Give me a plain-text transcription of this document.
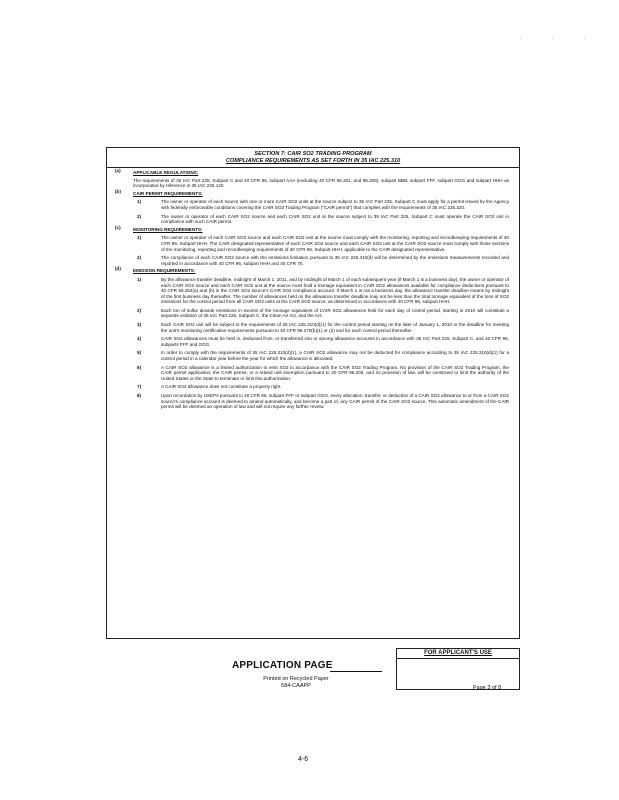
· · ·
SECTION 7: CAIR SO2 TRADING PROGRAM
COMPLIANCE REQUIREMENTS AS SET FORTH IN 35 IAC 225.310
(a)	APPLICABLE REGULATIONS:
The requirements of 35 IAC Part 225, Subpart C and 40 CFR 96, subpart AAA (excluding 40 CFR 96.201, and 96.206), subpart BBB, subpart FFF, subpart GGG and subpart HHH as incorporated by reference in 35 IAC 225.140.
(b)	CAIR PERMIT REQUIREMENTS:
1)	The owner or operator of each source with one or more CAIR SO2 units at the source subject to 35 IAC Part 225, Subpart C must apply for a permit issued by the Agency with federally enforceable conditions covering the CAIR SO2 Trading Program ("CAIR permit") that complies with the requirements of 35 IAC 225.320.
2)	The owner or operator of each CAIR SO2 source and each CAIR SO2 unit at the source subject to 35 IAC Part 225, Subpart C must operate the CAIR SO2 unit in compliance with such CAIR permit.
(c)	MONITORING REQUIREMENTS:
1)	The owner or operator of each CAIR SO2 source and each CAIR SO2 unit at the source must comply with the monitoring, reporting and recordkeeping requirements of 40 CFR 96, Subpart HHH. The CAIR designated representative of each CAIR SO2 source and each CAIR SO2 unit at the CAIR SO2 source must comply with those sections of the monitoring, reporting and recordkeeping requirements of 40 CFR 96, Subpart HHH, applicable to the CAIR designated representative.
2)	The compliance of each CAIR SO2 source with the emissions limitation pursuant to 35 IAC 225.310(d) will be determined by the emissions measurements recorded and reported in accordance with 40 CFR 96, subpart HHH and 40 CFR 75.
(d)	EMISSION REQUIREMENTS:
1)	By the allowance transfer deadline, midnight of March 1, 2011, and by midnight of March 1 of each subsequent year (if March 1 is a business day), the owner or operator of each CAIR SO2 source and each CAIR SO2 unit at the source must hold a tonnage equivalent in CAIR SO2 allowances available for compliance deductions pursuant to 40 CFR 96.254(a) and (b) in the CAIR SO2 source's CAIR SO2 compliance account. If March 1 is not a business day, the allowance transfer deadline means by midnight of the first business day thereafter. The number of allowances held on the allowance transfer deadline may not be less than the total tonnage equivalent of the tons of SO2 emissions for the control period from all CAIR SO2 units at the CAIR SO2 source, as determined in accordance with 40 CFR 96, subpart HHH.
2)	Each ton of sulfur dioxide emissions in excess of the tonnage equivalent of CAIR SO2 allowances held for each day of control period, starting in 2010 will constitute a separate violation of 35 IAC Part 225, Subpart C, the Clean Air Act, and the Act.
3)	Each CAIR SO2 unit will be subject to the requirements of 35 IAC 225.310(d)(1) for the control period starting on the later of January 1, 2010 or the deadline for meeting the unit's monitoring certification requirements pursuant to 40 CFR 96.270(b)(1) or (2) and for each control period thereafter.
4)	CAIR SO2 allowances must be held in, deducted from, or transferred into or among allowance accounts in accordance with 35 IAC Part 225, Subpart C, and 40 CFR 96, subparts FFF and GGG.
5)	In order to comply with the requirements of 35 IAC 225.310(d)(1), a CAIR SO2 allowance may not be deducted for compliance according to 35 IAC 225.310(d)(1) for a control period in a calendar year before the year for which the allowance is allocated.
6)	A CAIR SO2 allowance is a limited authorization to emit SO2 in accordance with the CAIR SO2 Trading Program. No provision of the CAIR SO2 Trading Program, the CAIR permit application, the CAIR permit, or a retired unit exemption pursuant to 40 CFR 96.205, and no provision of law, will be construed to limit the authority of the United States or the State to terminate or limit this authorization.
7)	A CAIR SO2 allowance does not constitute a property right.
8)	Upon recordation by USEPA pursuant to 40 CFR 96, subpart FFF or subpart GGG, every allocation, transfer, or deduction of a CAIR SO2 allowance to or from a CAIR SO2 source's compliance account is deemed to amend automatically, and become a part of, any CAIR permit of the CAIR SO2 source. This automatic amendment of the CAIR permit will be deemed an operation of law and will not require any further review.
APPLICATION PAGE
Printed on Recycled Paper
684-CAAPP
FOR APPLICANT'S USE
Page 3 of 8
4-6
